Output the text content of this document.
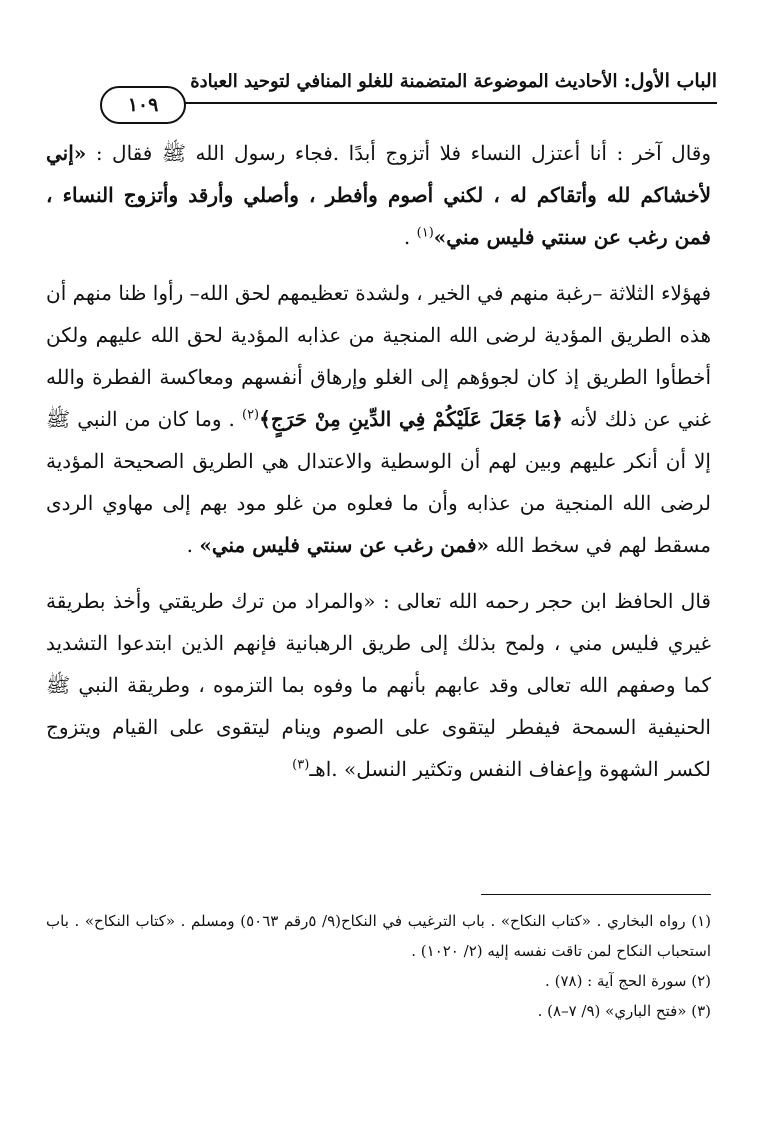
الباب الأول: الأحاديث الموضوعة المتضمنة للغلو المنافي لتوحيد العبادة
١٠٩

وقال آخر : أنا أعتزل النساء فلا أتزوج أبدًا .فجاء رسول الله ﷺ فقال : «إني لأخشاكم لله وأتقاكم له ، لكني أصوم وأفطر ، وأصلي وأرقد وأتزوج النساء ، فمن رغب عن سنتي فليس مني»$^{(١)}$ .

فهؤلاء الثلاثة –رغبة منهم في الخير ، ولشدة تعظيمهم لحق الله– رأوا ظنا منهم أن هذه الطريق المؤدية لرضى الله المنجية من عذابه المؤدية لحق الله عليهم ولكن أخطأوا الطريق إذ كان لجوؤهم إلى الغلو وإرهاق أنفسهم ومعاكسة الفطرة والله غني عن ذلك لأنه ﴿مَا جَعَلَ عَلَيْكُمْ فِي الدِّينِ مِنْ حَرَجٍ﴾$^{(٢)}$ . وما كان من النبي ﷺ إلا أن أنكر عليهم وبين لهم أن الوسطية والاعتدال هي الطريق الصحيحة المؤدية لرضى الله المنجية من عذابه وأن ما فعلوه من غلو مود بهم إلى مهاوي الردى مسقط لهم في سخط الله «فمن رغب عن سنتي فليس مني» .

قال الحافظ ابن حجر رحمه الله تعالى : «والمراد من ترك طريقتي وأخذ بطريقة غيري فليس مني ، ولمح بذلك إلى طريق الرهبانية فإنهم الذين ابتدعوا التشديد كما وصفهم الله تعالى وقد عابهم بأنهم ما وفوه بما التزموه ، وطريقة النبي ﷺ الحنيفية السمحة فيفطر ليتقوى على الصوم وينام ليتقوى على القيام ويتزوج لكسر الشهوة وإعفاف النفس وتكثير النسل» .اهـ$^{(٣)}$

(١) رواه البخاري . «كتاب النكاح» . باب الترغيب في النكاح(٩/ ٥رقم ٥٠٦٣) ومسلم . «كتاب النكاح» . باب استحباب النكاح لمن تاقت نفسه إليه (٢/ ١٠٢٠) .

(٢) سورة الحج آية : (٧٨) .

(٣) «فتح الباري» (٩/ ٧–٨) .
